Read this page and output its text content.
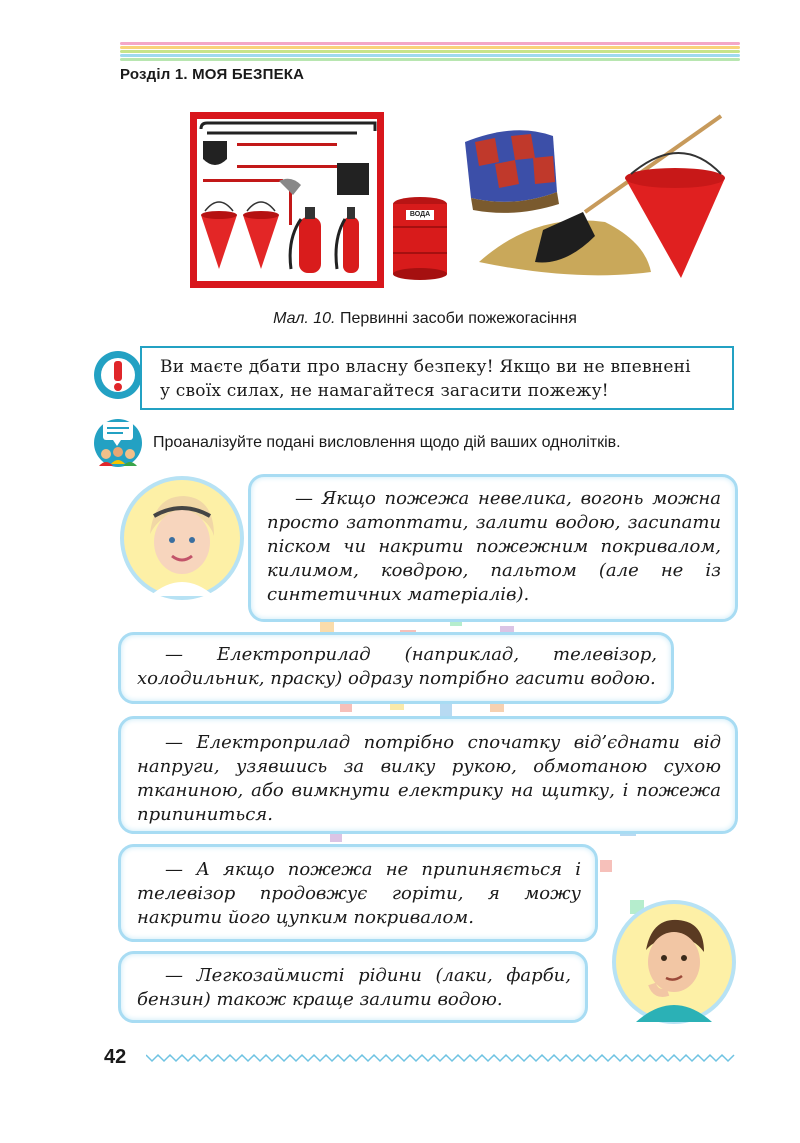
Розділ 1. МОЯ БЕЗПЕКА
ВОДА
Мал. 10. Первинні засоби пожежогасіння
Ви маєте дбати про власну безпеку! Якщо ви не впевнені
у своїх силах, не намагайтеся загасити пожежу!
Проаналізуйте подані висловлення щодо дій ваших однолітків.
— Якщо пожежа невелика, вогонь можна просто затоптати, залити водою, засипати піском чи накрити пожежним покривалом, килимом, ковдрою, пальтом (але не із синтетичних матеріалів).
— Електроприлад (наприклад, телевізор, холодильник, праску) одразу потрібно гасити водою.
— Електроприлад потрібно спочатку від’єднати від напруги, узявшись за вилку рукою, обмотаною сухою тканиною, або вимкнути електрику на щитку, і пожежа припиниться.
— А якщо пожежа не припиняється і телевізор продовжує горіти, я можу накрити його цупким покривалом.
— Легкозаймисті рідини (лаки, фарби, бензин) також краще залити водою.
42
